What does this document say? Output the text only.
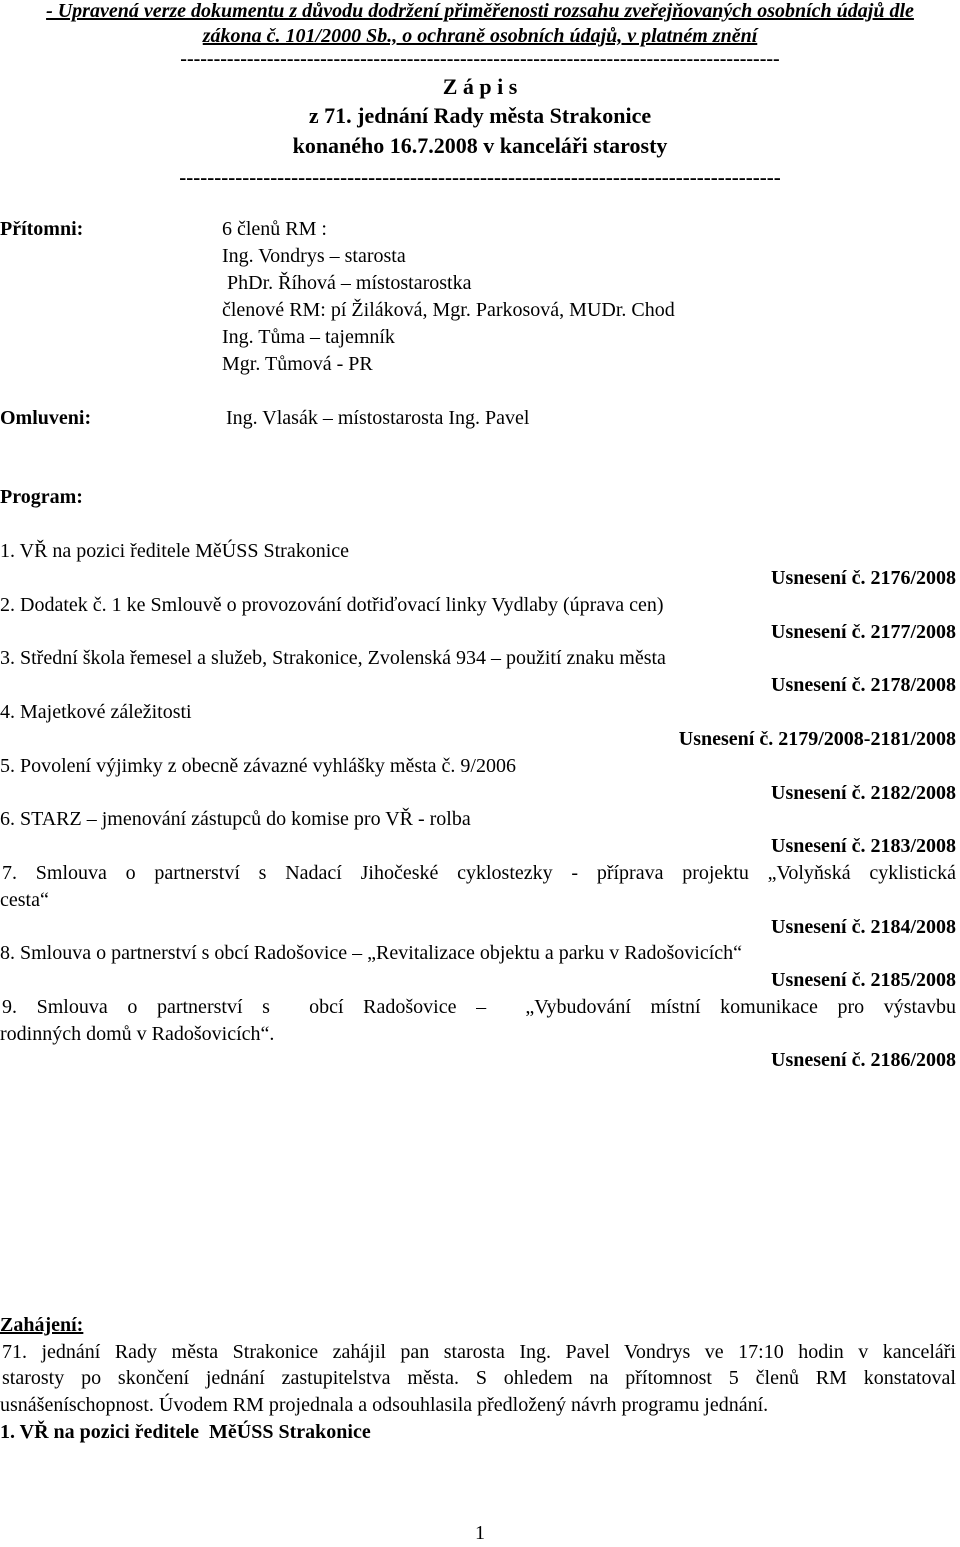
- Upravená verze dokumentu z důvodu dodržení přiměřenosti rozsahu zveřejňovaných osobních údajů dle
zákona č. 101/2000 Sb., o ochraně osobních údajů, v platném znění
------------------------------------------------------------------------------------------
Z á p i s
z 71. jednání Rady města Strakonice
konaného 16.7.2008 v kanceláři starosty
--------------------------------------------------------------------------------------
Přítomni:	6 členů RM :
Ing. Vondrys – starosta
PhDr. Říhová – místostarostka
členové RM: pí Žiláková, Mgr. Parkosová, MUDr. Chod
Ing. Tůma – tajemník
Mgr. Tůmová - PR
Omluveni:	Ing. Vlasák – místostarosta Ing. Pavel
Program:
1. VŘ na pozici ředitele MěÚSS Strakonice
Usnesení č. 2176/2008
2. Dodatek č. 1 ke Smlouvě o provozování dotřiďovací linky Vydlaby (úprava cen)
Usnesení č. 2177/2008
3. Střední škola řemesel a služeb, Strakonice, Zvolenská 934 – použití znaku města
Usnesení č. 2178/2008
4. Majetkové záležitosti
Usnesení č. 2179/2008-2181/2008
5. Povolení výjimky z obecně závazné vyhlášky města č. 9/2006
Usnesení č. 2182/2008
6. STARZ – jmenování zástupců do komise pro VŘ - rolba
Usnesení č. 2183/2008
7. Smlouva o partnerství s Nadací Jihočeské cyklostezky - příprava projektu „Volyňská cyklistická
cesta“
Usnesení č. 2184/2008
8. Smlouva o partnerství s obcí Radošovice – „Revitalizace objektu a parku v Radošovicích“
Usnesení č. 2185/2008
9. Smlouva o partnerství s  obcí Radošovice –  „Vybudování místní komunikace pro výstavbu
rodinných domů v Radošovicích“.
Usnesení č. 2186/2008
Zahájení:
71. jednání Rady města Strakonice zahájil pan starosta Ing. Pavel Vondrys ve 17:10 hodin v kanceláři
starosty po skončení jednání zastupitelstva města. S ohledem na přítomnost 5 členů RM konstatoval
usnášeníschopnost. Úvodem RM projednala a odsouhlasila předložený návrh programu jednání.
1. VŘ na pozici ředitele  MěÚSS Strakonice
1
